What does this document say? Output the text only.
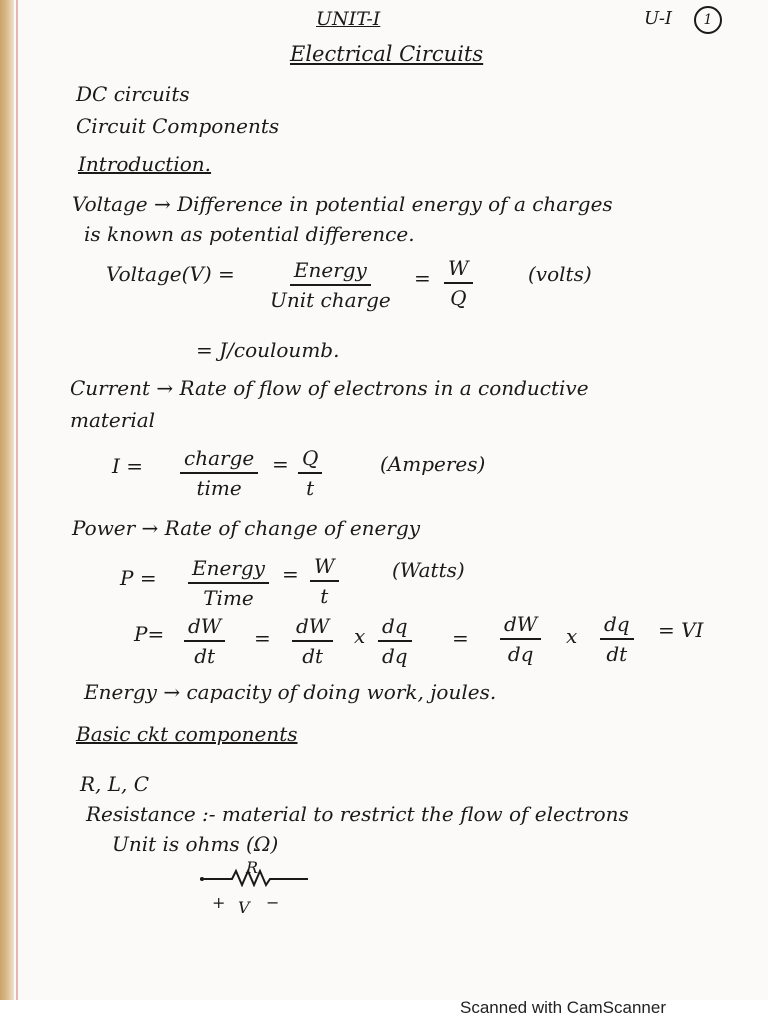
UNIT-I
Electrical Circuits
U-I	1
DC circuits
Circuit Components
Introduction.
Voltage → Difference in potential energy of a charges
is known as potential difference.
Voltage(V) =	Energy
Unit charge
= $\frac{W}{Q}$	(volts)
= J/couloumb.
Current → Rate of flow of electrons in a conductive
material
I = charge
time
= $\frac{Q}{t}$	(Amperes)
Power → Rate of change of energy
P = Energy
Time
= $\frac{W}{t}$	(Watts)
$P= \frac{dW}{dt} = \frac{dW}{dt}$ x $\frac{dq}{dq} = \frac{dW}{dq}$ x $\frac{dq}{dt}$ = VI
Energy → capacity of doing work, joules.
Basic ckt components
R, L, C
Resistance :- material to restrict the flow of electrons
Unit is ohms (Ω)
R
+ V −
Scanned with CamScanner
